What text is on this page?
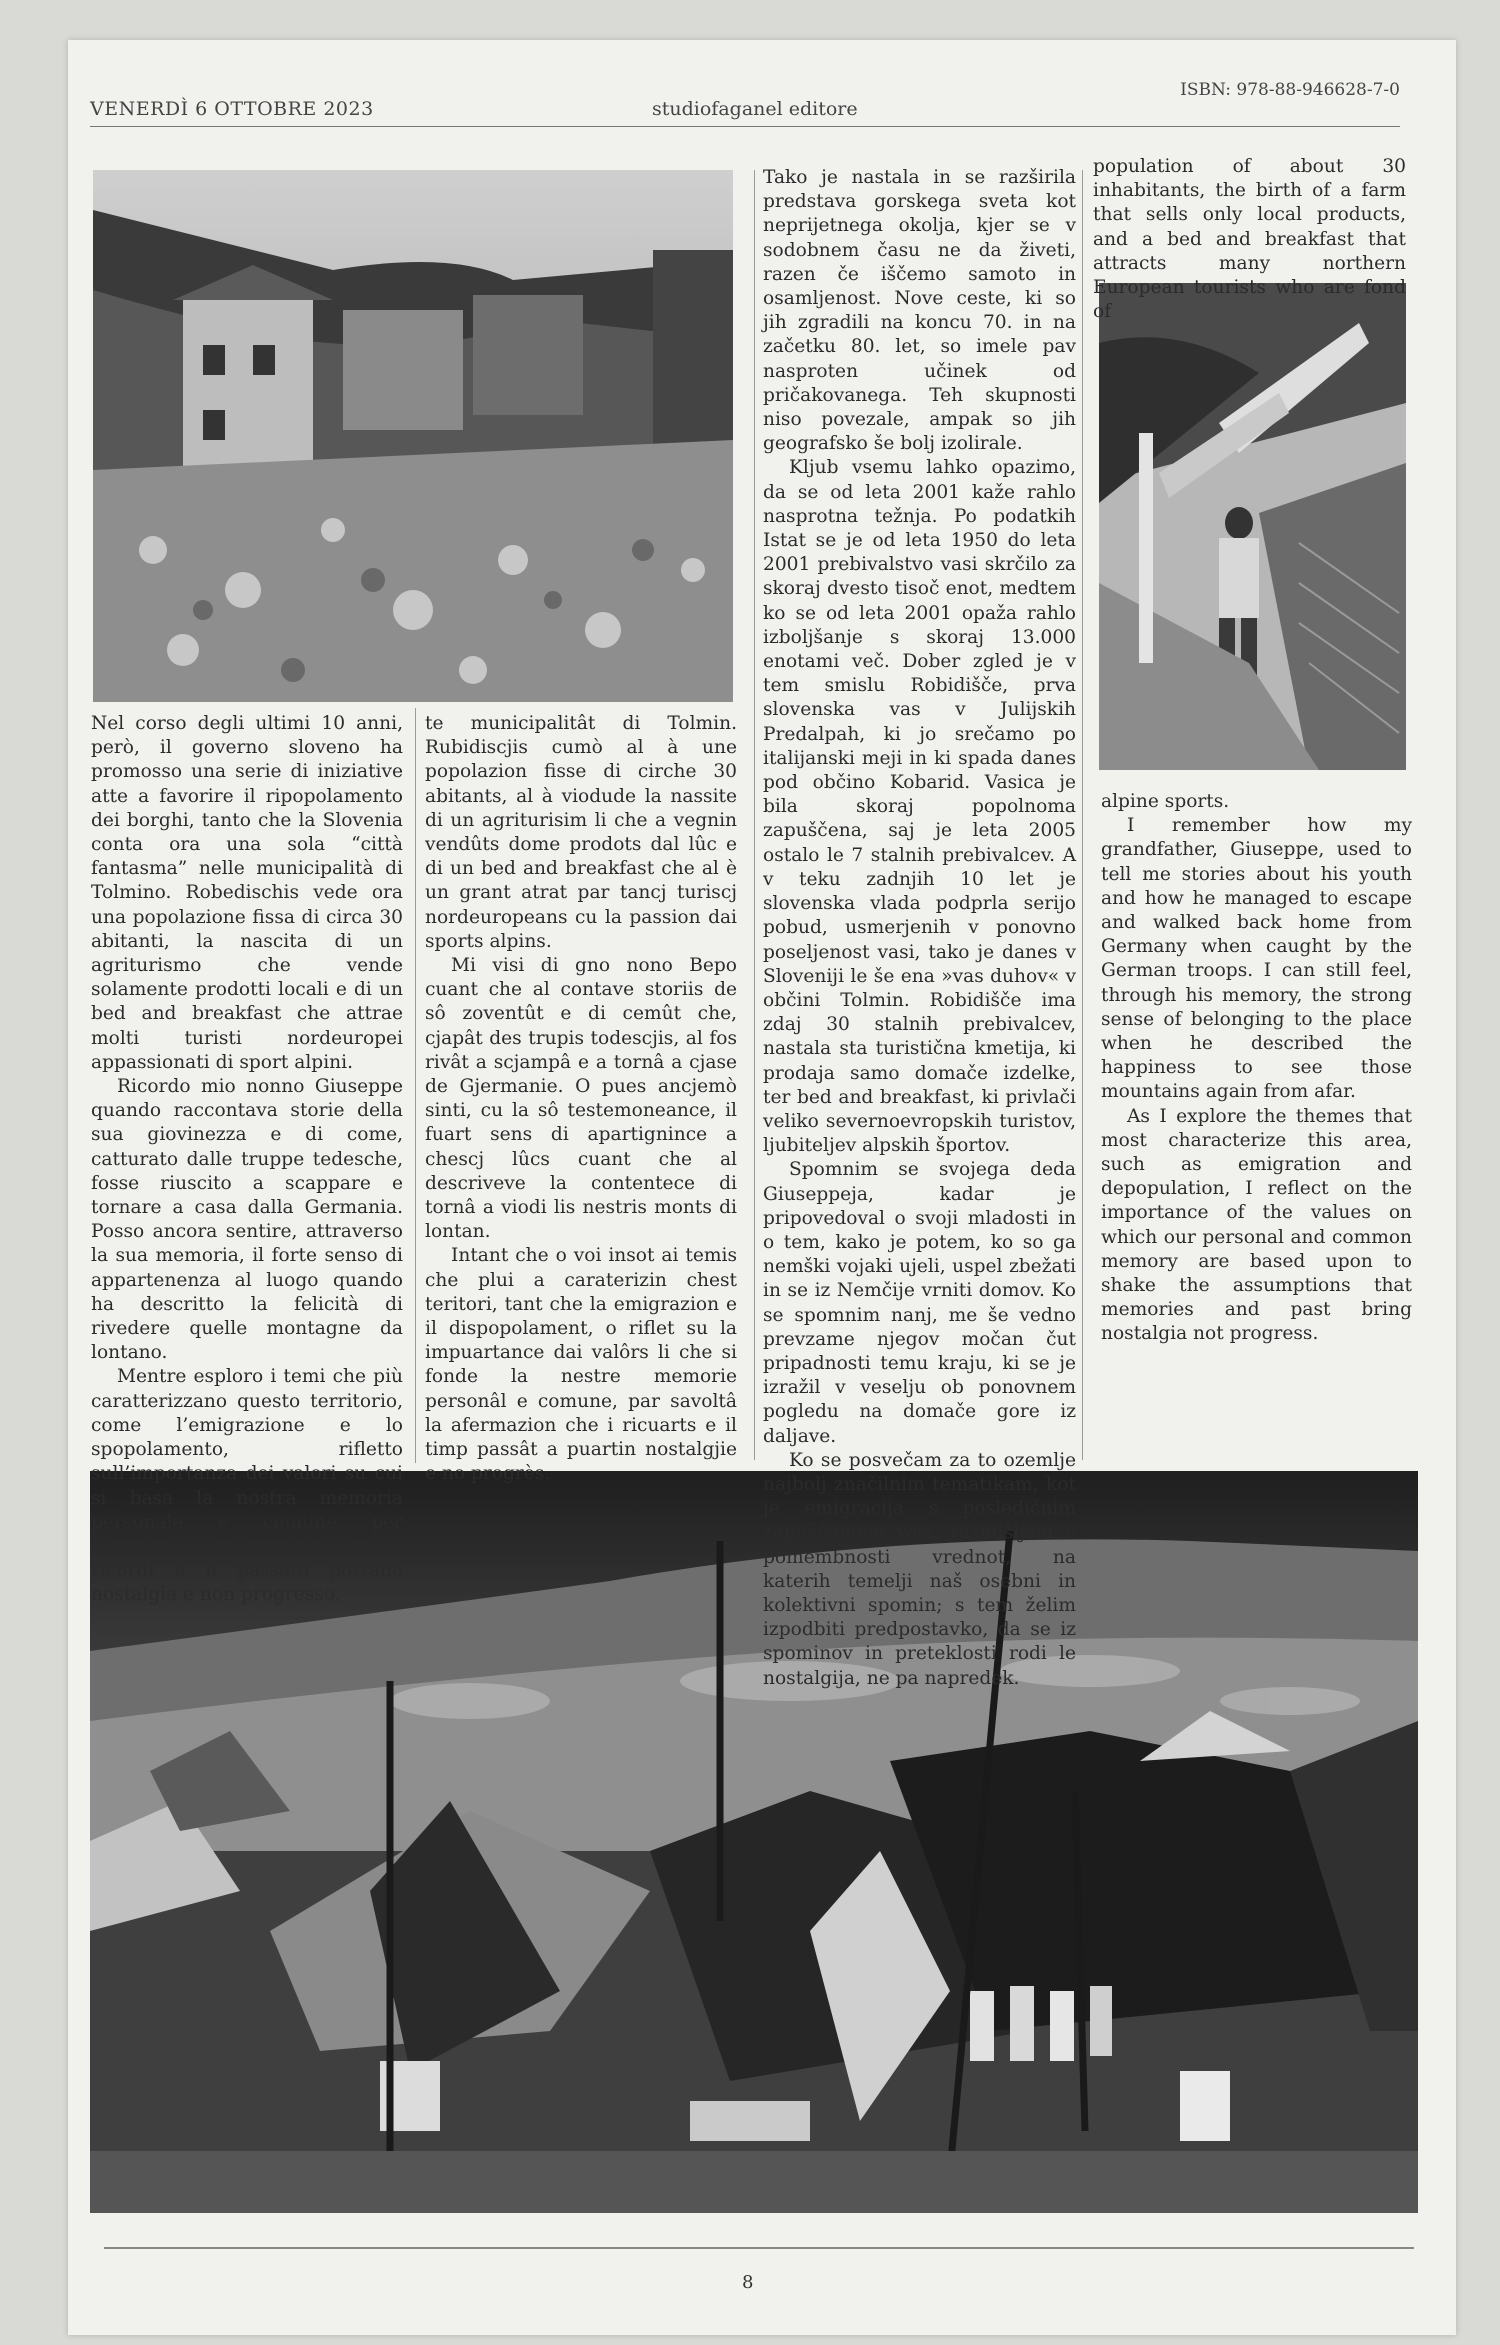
VENERDÌ 6 OTTOBRE 2023	studiofaganel editore
ISBN: 978-88-946628-7-0

Nel corso degli ultimi 10 anni, però, il governo sloveno ha promosso una serie di iniziative atte a favorire il ripopolamento dei borghi, tanto che la Slovenia conta ora una sola “città fantasma” nelle municipalità di Tolmino. Robedischis vede ora una popolazione fissa di circa 30 abitanti, la nascita di un agriturismo che vende solamente prodotti locali e di un bed and breakfast che attrae molti turisti nordeuropei appassionati di sport alpini.

Ricordo mio nonno Giuseppe quando raccontava storie della sua giovinezza e di come, catturato dalle truppe tedesche, fosse riuscito a scappare e tornare a casa dalla Germania. Posso ancora sentire, attraverso la sua memoria, il forte senso di appartenenza al luogo quando ha descritto la felicità di rivedere quelle montagne da lontano.

Mentre esploro i temi che più caratterizzano questo territorio, come l’emigrazione e lo spopolamento, rifletto sull’importanza dei valori su cui si basa la nostra memoria personale e comune per scuotere i presupposti che i ricordi e il passato portano nostalgia e non progresso.

te municipalitât di Tolmin. Rubidiscjis cumò al à une popolazion fisse di cirche 30 abitants, al à viodude la nassite di un agriturisim li che a vegnin vendûts dome prodots dal lûc e di un bed and breakfast che al è un grant atrat par tancj turiscj nordeuropeans cu la passion dai sports alpins.

Mi visi di gno nono Bepo cuant che al contave storiis de sô zoventût e di cemût che, cjapât des trupis todescjis, al fos rivât a scjampâ e a tornâ a cjase de Gjermanie. O pues ancjemò sinti, cu la sô testemoneance, il fuart sens di apartignince a chescj lûcs cuant che al descriveve la contentece di tornâ a viodi lis nestris monts di lontan.

Intant che o voi insot ai temis che plui a caraterizin chest teritori, tant che la emigrazion e il dispopolament, o riflet su la impuartance dai valôrs li che si fonde la nestre memorie personâl e comune, par savoltâ la afermazion che i ricuarts e il timp passât a puartin nostalgjie e no progrès.

Tako je nastala in se razširila predstava gorskega sveta kot neprijetnega okolja, kjer se v sodobnem času ne da živeti, razen če iščemo samoto in osamljenost. Nove ceste, ki so jih zgradili na koncu 70. in na začetku 80. let, so imele pav nasproten učinek od pričakovanega. Teh skupnosti niso povezale, ampak so jih geografsko še bolj izolirale.

Kljub vsemu lahko opazimo, da se od leta 2001 kaže rahlo nasprotna težnja. Po podatkih Istat se je od leta 1950 do leta 2001 prebivalstvo vasi skrčilo za skoraj dvesto tisoč enot, medtem ko se od leta 2001 opaža rahlo izboljšanje s skoraj 13.000 enotami več. Dober zgled je v tem smislu Robidišče, prva slovenska vas v Julijskih Predalpah, ki jo srečamo po italijanski meji in ki spada danes pod občino Kobarid. Vasica je bila skoraj popolnoma zapuščena, saj je leta 2005 ostalo le 7 stalnih prebivalcev. A v teku zadnjih 10 let je slovenska vlada podprla serijo pobud, usmerjenih v ponovno poseljenost vasi, tako je danes v Sloveniji le še ena »vas duhov« v občini Tolmin. Robidišče ima zdaj 30 stalnih prebivalcev, nastala sta turistična kmetija, ki prodaja samo domače izdelke, ter bed and breakfast, ki privlači veliko severnoevropskih turistov, ljubiteljev alpskih športov.

Spomnim se svojega deda Giuseppeja, kadar je pripovedoval o svoji mladosti in o tem, kako je potem, ko so ga nemški vojaki ujeli, uspel zbežati in se iz Nemčije vrniti domov. Ko se spomnim nanj, me še vedno prevzame njegov močan čut pripadnosti temu kraju, ki se je izražil v veselju ob ponovnem pogledu na domače gore iz daljave.

Ko se posvečam za to ozemlje najbolj značilnim tematikam, kot je emigracija s posledičnim zapuščanjem vasi, razmišljam o pomembnosti vrednot, na katerih temelji naš osebni in kolektivni spomin; s tem želim izpodbiti predpostavko, da se iz spominov in preteklosti rodi le nostalgija, ne pa napredek.

population of about 30 inhabitants, the birth of a farm that sells only local products, and a bed and breakfast that attracts many northern European tourists who are fond of

alpine sports.

I remember how my grandfather, Giuseppe, used to tell me stories about his youth and how he managed to escape and walked back home from Germany when caught by the German troops. I can still feel, through his memory, the strong sense of belonging to the place when he described the happiness to see those mountains again from afar.

As I explore the themes that most characterize this area, such as emigration and depopulation, I reflect on the importance of the values on which our personal and common memory are based upon to shake the assumptions that memories and past bring nostalgia not progress.

8
